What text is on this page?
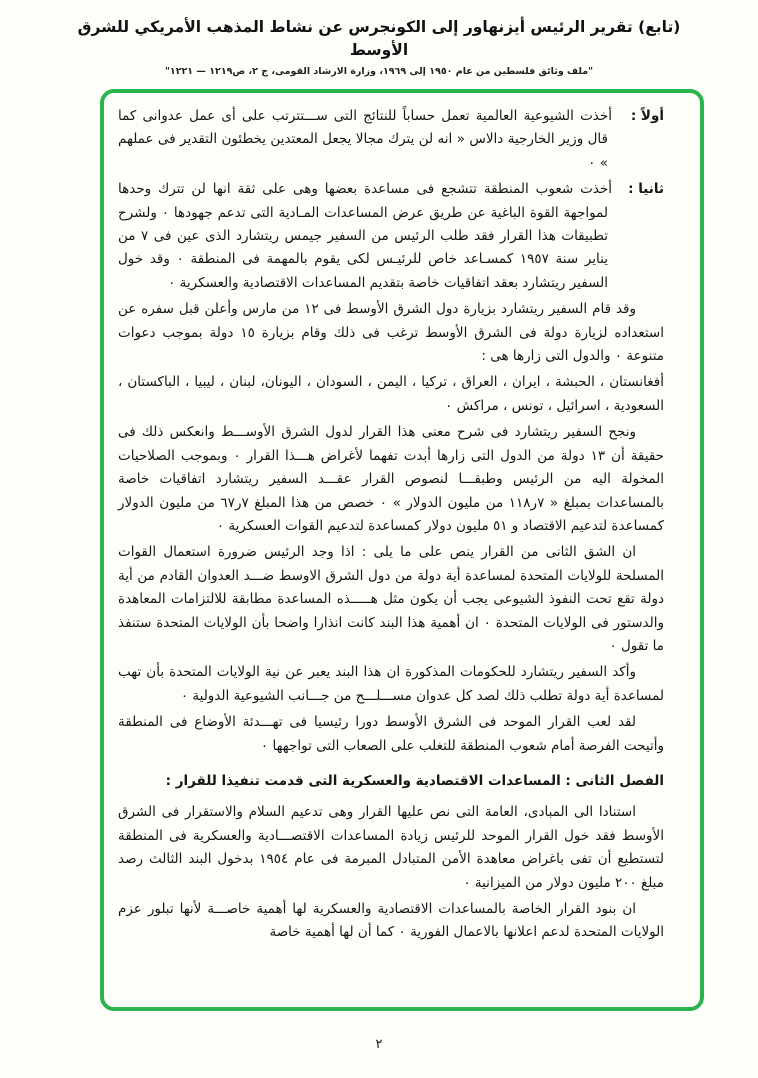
(تابع) تقرير الرئيس أيزنهاور إلى الكونجرس عن نشاط المذهب الأمريكي للشرق الأوسط
"ملف وثائق فلسطين من عام ١٩٥٠ إلى ١٩٦٩، وزارة الارشاد القومى، ج ٢، ص١٢١٩ — ١٢٢١"

أولاً :أخذت الشيوعية العالمية تعمل حساباً للنتائج التى ســـتترتب على أى عمل عدوانى كما قال وزير الخارجية دالاس « انه لن يترك مجالا يجعل المعتدين يخطئون التقدير فى عملهم » ٠

ثانيا :أخذت شعوب المنطقة تتشجع فى مساعدة بعضها وهى على ثقة انها لن تترك وحدها لمواجهة القوة الباغية عن طريق عرض المساعدات المـادية التى تدعم جهودها ٠ ولشرح تطبيقات هذا القرار فقد طلب الرئيس من السفير جيمس ريتشارد الذى عين فى ٧ من يناير سنة ١٩٥٧ كمسـاعد خاص للرئيـس لكى يقوم بالمهمة فى المنطقة ٠ وقد خول السفير ريتشارد بعقد اتفاقيات خاصة بتقديم المساعدات الاقتصادية والعسكرية ٠

وقد قام السفير ريتشارد بزيارة دول الشرق الأوسط فى ١٢ من مارس وأعلن قبل سفره عن استعداده لزيارة دولة فى الشرق الأوسط ترغب فى ذلك وقام بزيارة ١٥ دولة بموجب دعوات متنوعة ٠ والدول التى زارها هى :

أفغانستان ، الحبشة ، ايران ، العراق ، تركيا ، اليمن ، السودان ، اليونان، لبنان ، ليبيا ، الباكستان ، السعودية ، اسرائيل ، تونس ، مراكش ٠

ونجح السفير ريتشارد فى شرح معنى هذا القرار لدول الشرق الأوســـط وانعكس ذلك فى حقيقة أن ١٣ دولة من الدول التى زارها أبدت تفهما لأغراض هـــذا القرار ٠ وبموجب الصلاحيات المخولة اليه من الرئيس وطبقـــا لنصوص القرار عقـــد السفير ريتشارد اتفاقيات خاصة بالمساعدات بمبلغ « ٧ر١١٨ من مليون الدولار » ٠ خصص من هذا المبلغ ٧ر٦٧ من مليون الدولار كمساعدة لتدعيم الاقتصاد و ٥١ مليون دولار كمساعدة لتدعيم القوات العسكرية ٠

ان الشق الثانى من القرار ينص على ما يلى : اذا وجد الرئيس ضرورة استعمال القوات المسلحة للولايات المتحدة لمساعدة أية دولة من دول الشرق الاوسط ضـــد العدوان القادم من أية دولة تقع تحت النفوذ الشيوعى يجب أن يكون مثل هـــــذه المساعدة مطابقة للالتزامات المعاهدة والدستور فى الولايات المتحدة ٠ ان أهمية هذا البند كانت انذارا واضحا بأن الولايات المتحدة ستنفذ ما تقول ٠

وأكد السفير ريتشارد للحكومات المذكورة ان هذا البند يعبر عن نية الولايات المتحدة بأن تهب لمساعدة أية دولة تطلب ذلك لصد كل عدوان مســـلـــح من جـــانب الشيوعية الدولية ٠

لقد لعب القرار الموحد فى الشرق الأوسط دورا رئيسيا فى تهـــدئة الأوضاع فى المنطقة وأتيحت الفرصة أمام شعوب المنطقة للتغلب على الصعاب التى تواجهها ٠

الفصل الثانى : المساعدات الاقتصادية والعسكرية التى قدمت تنفيذا للقرار :

استنادا الى المبادى، العامة التى نص عليها القرار وهى تدعيم السلام والاستقرار فى الشرق الأوسط فقد خول القرار الموحد للرئيس زيادة المساعدات الاقتصـــادية والعسكرية فى المنطقة لتستطيع أن تفى باغراض معاهدة الأمن المتبادل المبرمة فى عام ١٩٥٤ بدخول البند الثالث رصد مبلغ ٢٠٠ مليون دولار من الميزانية ٠

ان بنود القرار الخاصة بالمساعدات الاقتصادية والعسكرية لها أهمية خاصـــة لأنها تبلور عزم الولايات المتحدة لدعم اعلانها بالاعمال الفورية ٠ كما أن لها أهمية خاصة

٢
